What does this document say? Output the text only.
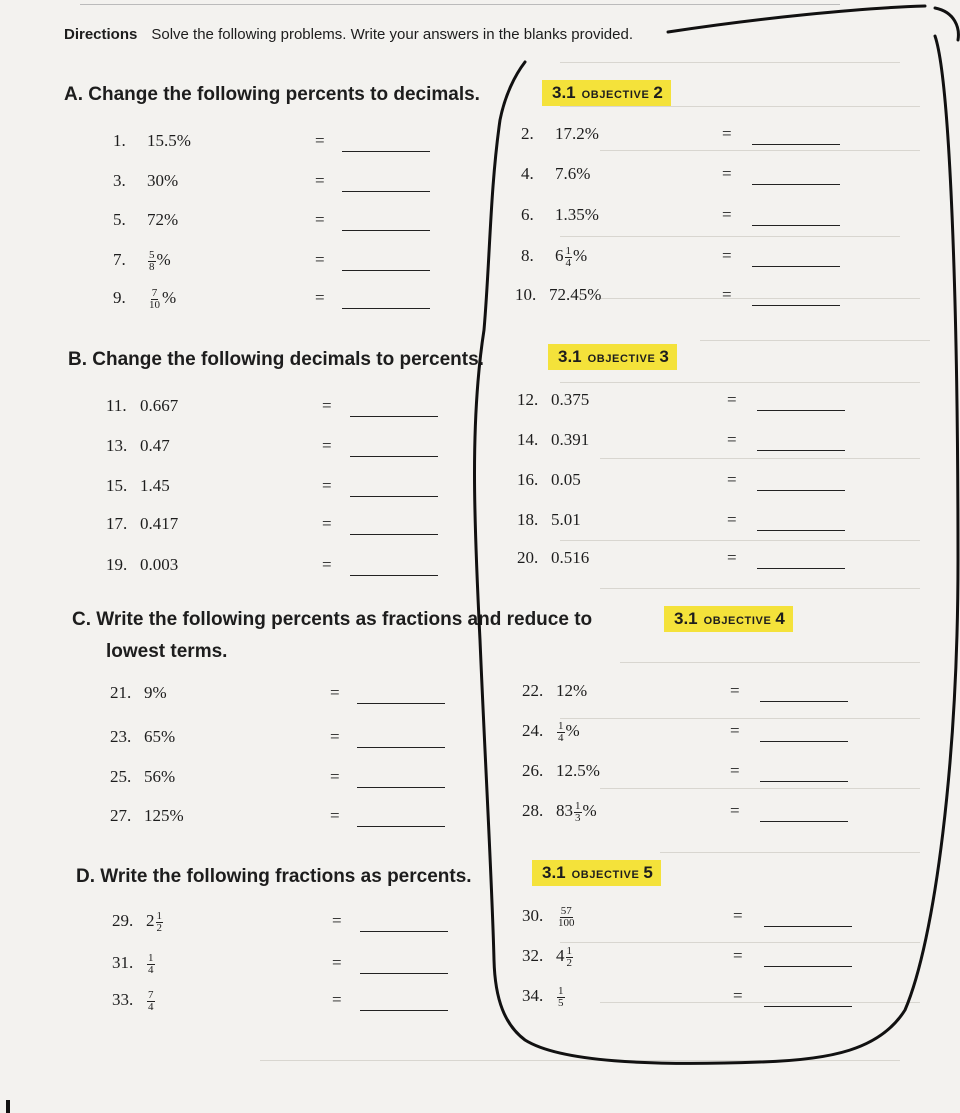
Directions Solve the following problems. Write your answers in the blanks provided.
A. Change the following percents to decimals.	3.1 OBJECTIVE 2
B. Change the following decimals to percents.	3.1 OBJECTIVE 3
C. Write the following percents as fractions and reduce to
lowest terms.
3.1 OBJECTIVE 4
D. Write the following fractions as percents.	3.1 OBJECTIVE 5
1. 15.5%	=	2. 17.2%	=
3. 30%	=	4. 7.6%	=
5. 72%	=	6. 1.35%	=
7. $\frac{5}{8}$ %	=	8. $6 \frac{1}{4}$ %	=
9. $\frac{7}{10}$ %	=	10. 72.45%	=
11. 0.667	=	12. 0.375	=
13. 0.47	=	14. 0.391	=
15. 1.45	=	16. 0.05	=
17. 0.417	=	18. 5.01	=
19. 0.003	=	20. 0.516	=
21. 9%	=	22. 12%	=
23. 65%	=	24. $\frac{1}{4}$ %	=
25. 56%	=	26. 12.5%	=
27. 125%	=	28. $83 \frac{1}{3}$ %	=
29. $2 \frac{1}{2}$	=	30. $\frac{57}{100}$	=
31. $\frac{1}{4}$	=	32. $4 \frac{1}{2}$	=
33. $\frac{7}{4}$	=	34. $\frac{1}{5}$	=
